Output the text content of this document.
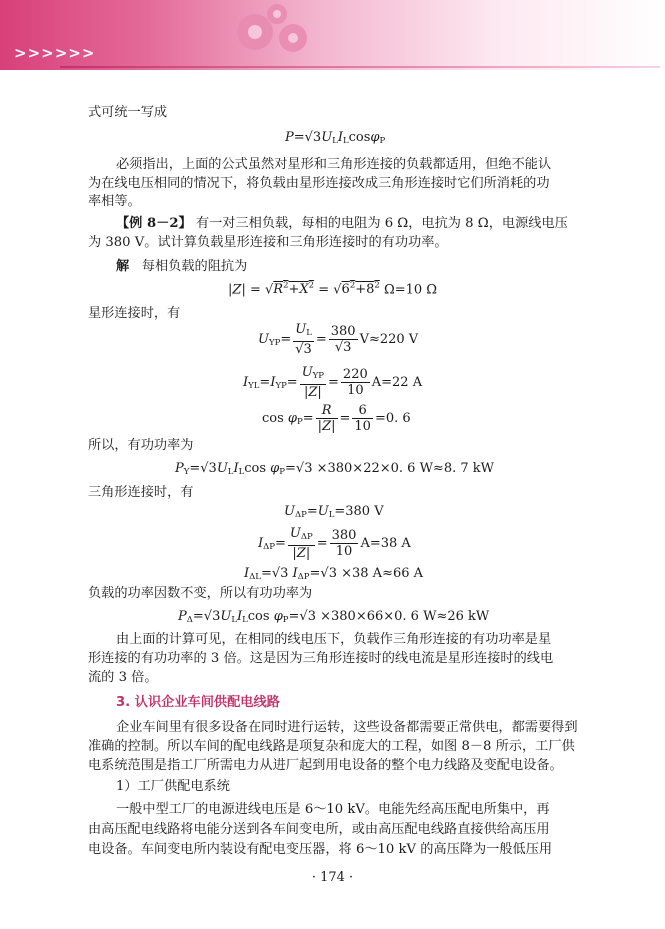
>>>>>>

式可统一写成

$P=√3U_LI_L\cos\varphi_P$

必须指出，上面的公式虽然对星形和三角形连接的负载都适用，但绝不能认

为在线电压相同的情况下，将负载由星形连接改成三角形连接时它们所消耗的功

率相等。

【例 8－2】 有一对三相负载，每相的电阻为 6 Ω，电抗为 8 Ω，电源线电压

为 380 V。试计算负载星形连接和三角形连接时的有功功率。

解 每相负载的阻抗为

$|Z| = √R^2+X^2 = √6^2+8^2$ Ω=10 Ω

星形连接时，有

$U_{YP}= \frac{U_L}{√3} = \frac{380}{√3} V\approx 220$ V
$I_{YL}=I_{YP}= \frac{U_{YP}}{|Z|} = \frac{220}{10} A=22$ A
$\cos \varphi_P= \frac{R}{|Z|} = \frac{6}{10} =0$. 6

所以，有功功率为

$P_Y=√3U_LI_L\cos$ $\varphi_P=√3 \times 380\times 22\times 0$. 6 W≈8. 7 kW

三角形连接时，有

$U_{\Delta P}=U_L=380$ V
$I_{\Delta P}= \frac{U_{\Delta P}}{|Z|} = \frac{380}{10} A=38$ A
$I_{\Delta L}=√3$ $I_{\Delta P}=√3 \times 38$ A≈66 A

负载的功率因数不变，所以有功功率为

$P_\Delta=√3U_LI_L\cos$ $\varphi_P=√3 \times 380\times 66\times 0$. 6 W≈26 kW

由上面的计算可见，在相同的线电压下，负载作三角形连接的有功功率是星

形连接的有功功率的 3 倍。这是因为三角形连接时的线电流是星形连接时的线电

流的 3 倍。

3. 认识企业车间供配电线路

企业车间里有很多设备在同时进行运转，这些设备都需要正常供电，都需要得到

准确的控制。所以车间的配电线路是项复杂和庞大的工程，如图 8－8 所示，工厂供

电系统范围是指工厂所需电力从进厂起到用电设备的整个电力线路及变配电设备。

1）工厂供配电系统

一般中型工厂的电源进线电压是 6～10 kV。电能先经高压配电所集中，再

由高压配电线路将电能分送到各车间变电所，或由高压配电线路直接供给高压用

电设备。车间变电所内装设有配电变压器，将 6～10 kV 的高压降为一般低压用

· 174 ·
